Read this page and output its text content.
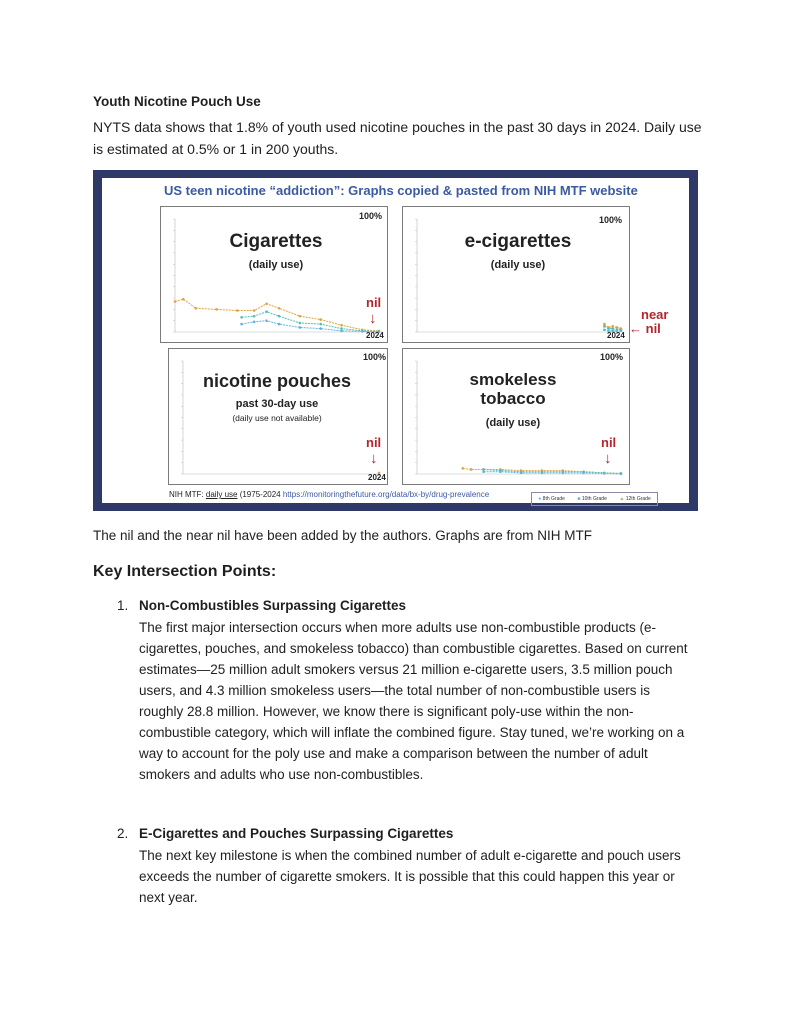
Youth Nicotine Pouch Use
NYTS data shows that 1.8% of youth used nicotine pouches in the past 30 days in 2024. Daily use is estimated at 0.5% or 1 in 200 youths.
US teen nicotine “addiction”: Graphs copied & pasted from NIH MTF website
100%
Cigarettes
(daily use)
nil
↓
2024
100%
e-cigarettes
(daily use)
2024
near
← nil
100%
nicotine pouches
past 30-day use
(daily use not available)
nil
↓
2024
100%
smokeless tobacco
(daily use)
nil
↓
NIH MTF: daily use (1975-2024 https://monitoringthefuture.org/data/bx-by/drug-prevalence	● 8th Grade	■ 10th Grade	▲ 12th Grade
The nil and the near nil have been added by the authors. Graphs are from NIH MTF
Key Intersection Points:
1. Non-Combustibles Surpassing Cigarettes
The first major intersection occurs when more adults use non-combustible products (e-cigarettes, pouches, and smokeless tobacco) than combustible cigarettes. Based on current estimates—25 million adult smokers versus 21 million e-cigarette users, 3.5 million pouch users, and 4.3 million smokeless users—the total number of non-combustible users is roughly 28.8 million. However, we know there is significant poly-use within the non-combustible category, which will inflate the combined figure. Stay tuned, we’re working on a way to account for the poly use and make a comparison between the number of adult smokers and adults who use non-combustibles.
2. E-Cigarettes and Pouches Surpassing Cigarettes
The next key milestone is when the combined number of adult e-cigarette and pouch users exceeds the number of cigarette smokers. It is possible that this could happen this year or next year.
